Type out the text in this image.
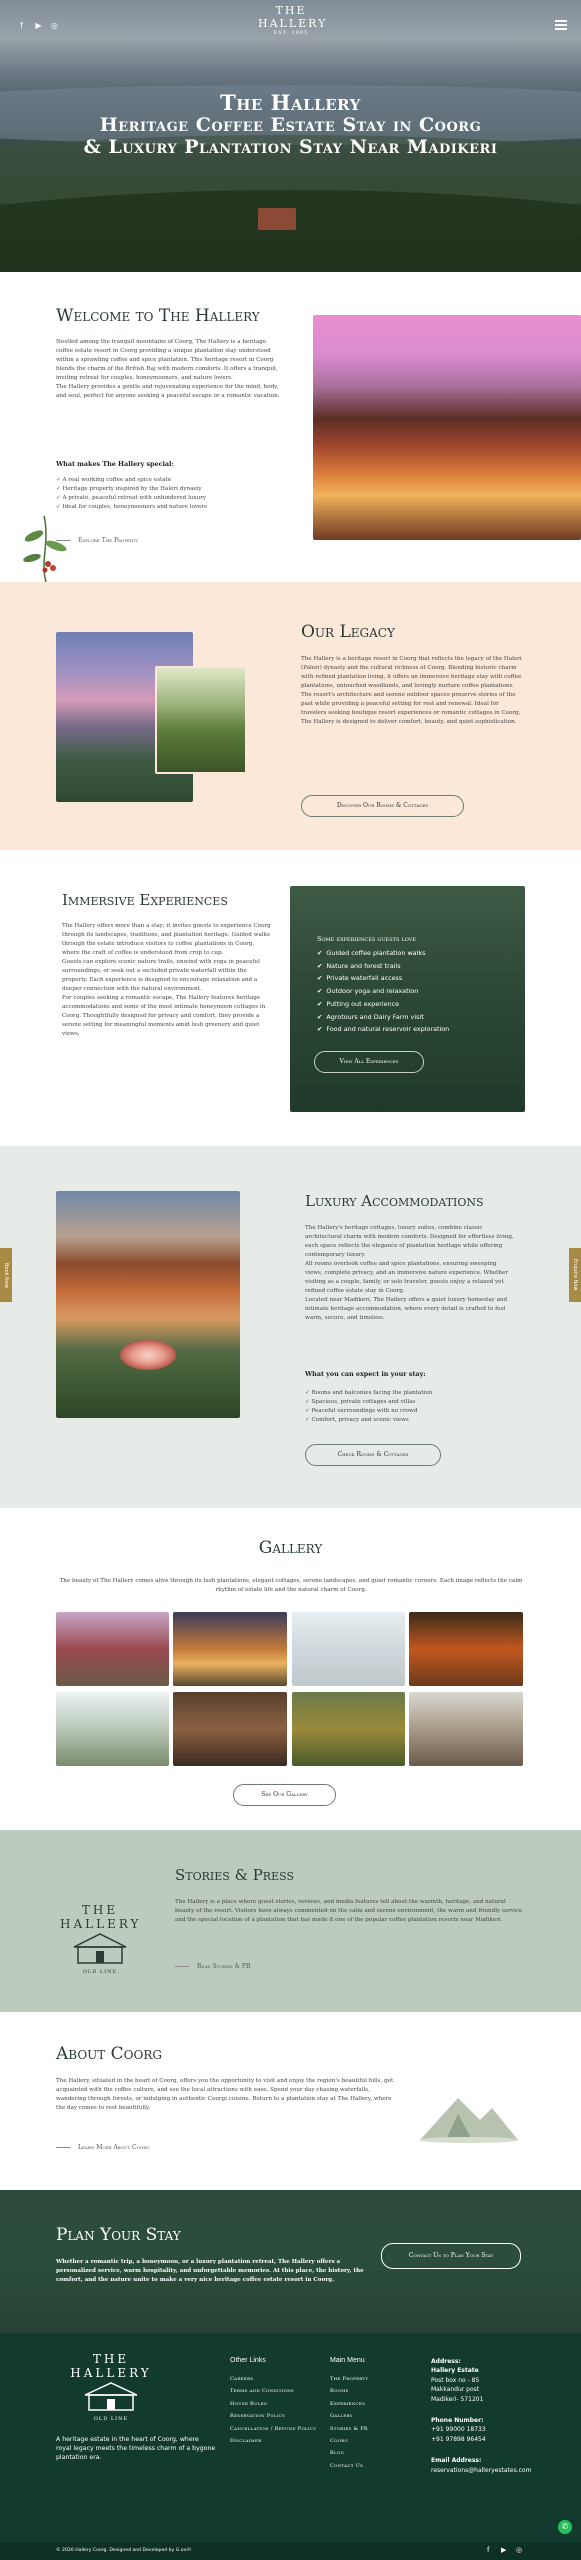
f	▶ ◎
THE HALLERY
EST. 1885
The Hallery
Heritage Coffee Estate Stay in Coorg
& Luxury Plantation Stay Near Madikeri
Welcome to The Hallery

Nestled among the tranquil mountains of Coorg, The Hallery is a heritage coffee estate resort in Coorg providing a unique plantation stay understood within a sprawling coffee and spice plantation. This heritage resort in Coorg blends the charm of the British Raj with modern comforts. It offers a tranquil, inviting retreat for couples, honeymooners, and nature lovers.

The Hallery provides a gentle and rejuvenating experience for the mind, body, and soul, perfect for anyone seeking a peaceful escape or a romantic vacation.

What makes The Hallery special:
✓ A real working coffee and spice estate
✓ Heritage property inspired by the Haleri dynasty
✓ A private, peaceful retreat with unhindered luxury
✓ Ideal for couples, honeymooners and nature lovers
Explore The Property
Our Legacy

The Hallery is a heritage resort in Coorg that reflects the legacy of the Haleri (Paleri) dynasty and the cultural richness of Coorg. Blending historic charm with refined plantation living, it offers an immersive heritage stay with coffee plantations, untouched woodlands, and lovingly nurture coffee plantations. The resort's architecture and serene outdoor spaces preserve stories of the past while providing a peaceful setting for rest and renewal. Ideal for travelers seeking boutique resort experiences or romantic cottages in Coorg, The Hallery is designed to deliver comfort, beauty, and quiet sophistication.

Discover Our Rooms & Cottages
Immersive Experiences

The Hallery offers more than a stay; it invites guests to experience Coorg through its landscapes, traditions, and plantation heritage. Guided walks through the estate introduce visitors to coffee plantations in Coorg, where the craft of coffee is understood from crop to cup.

Guests can explore scenic nature trails, unwind with yoga in peaceful surroundings, or seek out a secluded private waterfall within the property. Each experience is designed to encourage relaxation and a deeper connection with the natural environment.

For couples seeking a romantic escape, The Hallery features heritage accommodations and some of the most intimate honeymoon cottages in Coorg. Thoughtfully designed for privacy and comfort, they provide a serene setting for meaningful moments amid lush greenery and quiet views.

Some experiences guests love
✔ Guided coffee plantation walks
✔ Nature and forest trails
✔ Private waterfall access
✔ Outdoor yoga and relaxation
✔ Putting out experience
✔ Agrotours and Dairy Farm visit
✔ Food and natural reservoir exploration
View All Experiences
Book Now	Enquire Now
Luxury Accommodations

The Hallery's heritage cottages, luxury suites, combine classic architectural charm with modern comforts. Designed for effortless living, each space reflects the elegance of plantation heritage while offering contemporary luxury.

All rooms overlook coffee and spice plantations, ensuring sweeping views, complete privacy, and an immersive nature experience. Whether visiting as a couple, family, or solo traveler, guests enjoy a relaxed yet refined coffee estate stay in Coorg.

Located near Madikeri, The Hallery offers a quiet luxury homestay and intimate heritage accommodation, where every detail is crafted to feel warm, secure, and timeless.

What you can expect in your stay:
✓ Rooms and balconies facing the plantation
✓ Spacious, private cottages and villas
✓ Peaceful surroundings with no crowd
✓ Comfort, privacy and scenic views
Check Rooms & Cottages
Gallery

The beauty of The Hallery comes alive through its lush plantations, elegant cottages, serene landscapes, and quiet romantic corners. Each image reflects the calm rhythm of estate life and the natural charm of Coorg.

See Our Gallery
THE HALLERY
OLD LINE
Stories & Press

The Hallery is a place where guest stories, reviews, and media features tell about the warmth, heritage, and natural beauty of the resort. Visitors have always commented on the calm and serene environment, the warm and friendly service and the special location of a plantation that has made it one of the popular coffee plantation resorts near Madikeri.

Read Stories & PR
About Coorg

The Hallery, situated in the heart of Coorg, offers you the opportunity to visit and enjoy the region's beautiful hills, get acquainted with the coffee culture, and see the local attractions with ease. Spend your day chasing waterfalls, wandering through forests, or indulging in authentic Coorgi cuisine. Return to a plantation stay at The Hallery, where the day comes to rest beautifully.

Learn More About Coorg
Plan Your Stay

Whether a romantic trip, a honeymoon, or a luxury plantation retreat, The Hallery offers a personalized service, warm hospitality, and unforgettable memories. At this place, the history, the comfort, and the nature unite to make a very nice heritage coffee estate resort in Coorg.

Contact Us to Plan Your Stay
THE HALLERY
OLD LINE

A heritage estate in the heart of Coorg, where royal legacy meets the timeless charm of a bygone plantation era.

Other Links
Careers
Terms and Conditions
House Rules
Reservation Policy
Cancellation / Refund Policy
Disclaimer
Main Menu
The Property
Rooms
Experiences
Gallery
Stories & PR
Coorg
Blog
Contact Us
Address:
Hallery Estate
Post box no - 85
Makkandur post
Madikeri- 571201
Phone Number:
+91 99000 18733
+91 97898 96454
Email Address:
reservations@halleryestates.com
✆
© 2026 Hallery Coorg. Designed and Developed by G.ovrll	f ▶ ◎
